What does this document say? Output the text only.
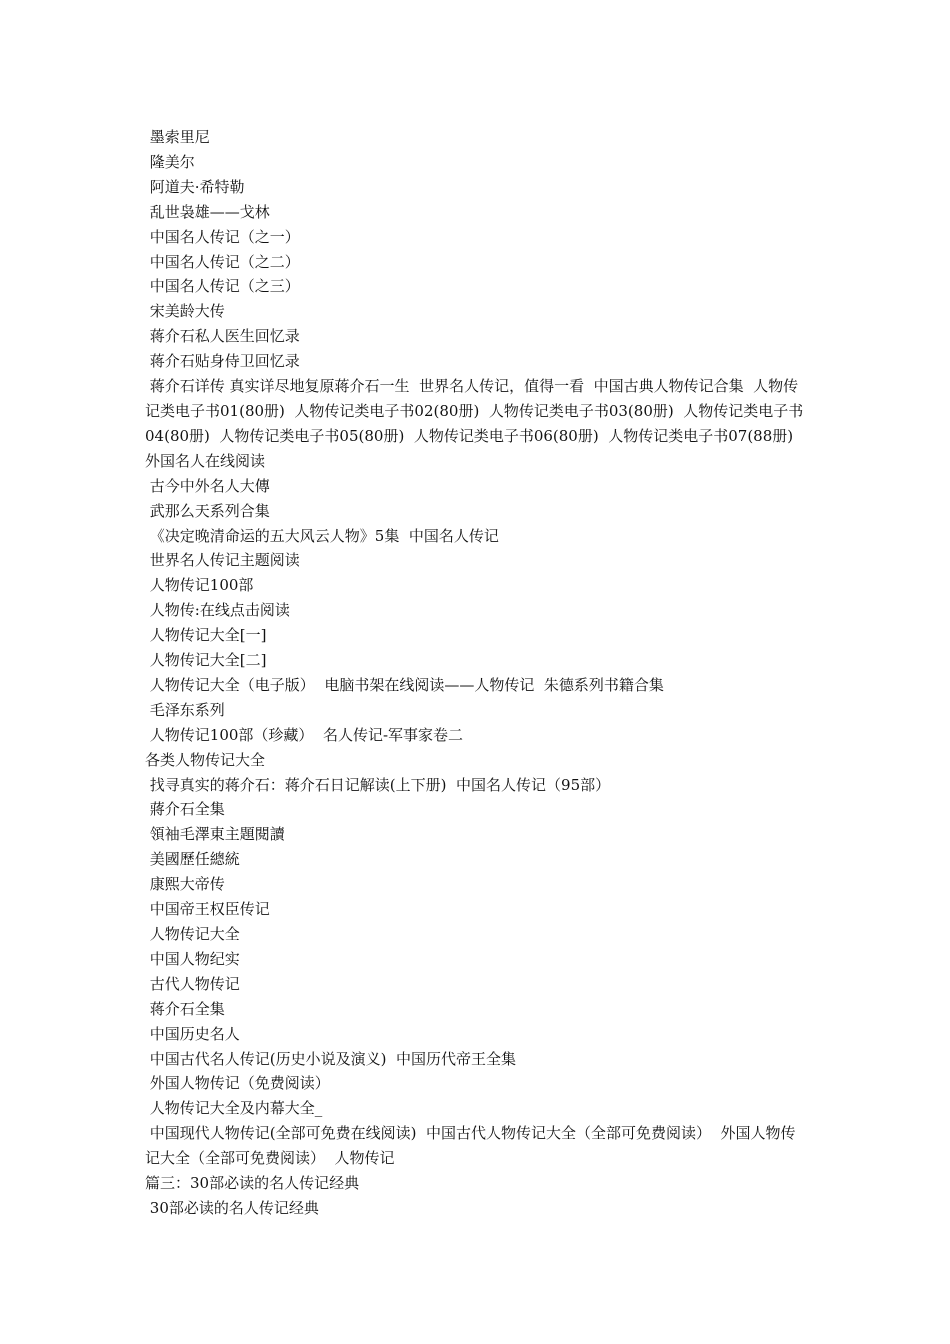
墨索里尼
隆美尔
阿道夫·希特勒
乱世袅雄——戈林
中国名人传记（之一）
中国名人传记（之二）
中国名人传记（之三）
宋美龄大传
蒋介石私人医生回忆录
蒋介石贴身侍卫回忆录
蒋介石详传 真实详尽地复原蒋介石一生  世界名人传记，值得一看  中国古典人物传记合集  人物传记类电子书01(80册)  人物传记类电子书02(80册)  人物传记类电子书03(80册)  人物传记类电子书04(80册)  人物传记类电子书05(80册)  人物传记类电子书06(80册)  人物传记类电子书07(88册)  外国名人在线阅读
古今中外名人大傳
武那么天系列合集
《决定晚清命运的五大风云人物》5集  中国名人传记
世界名人传记主题阅读
人物传记100部
人物传:在线点击阅读
人物传记大全[一]
人物传记大全[二]
人物传记大全（电子版）  电脑书架在线阅读——人物传记  朱德系列书籍合集
毛泽东系列
人物传记100部（珍藏）  名人传记-军事家卷二
各类人物传记大全
找寻真实的蒋介石：蒋介石日记解读(上下册)  中国名人传记（95部）
蔣介石全集
領袖毛澤東主題閱讀
美國歷任總統
康熙大帝传
中国帝王权臣传记
人物传记大全
中国人物纪实
古代人物传记
蒋介石全集
中国历史名人
中国古代名人传记(历史小说及演义)  中国历代帝王全集
外国人物传记（免费阅读）
人物传记大全及内幕大全_
中国现代人物传记(全部可免费在线阅读)  中国古代人物传记大全（全部可免费阅读）  外国人物传记大全（全部可免费阅读）  人物传记
篇三：30部必读的名人传记经典
30部必读的名人传记经典
